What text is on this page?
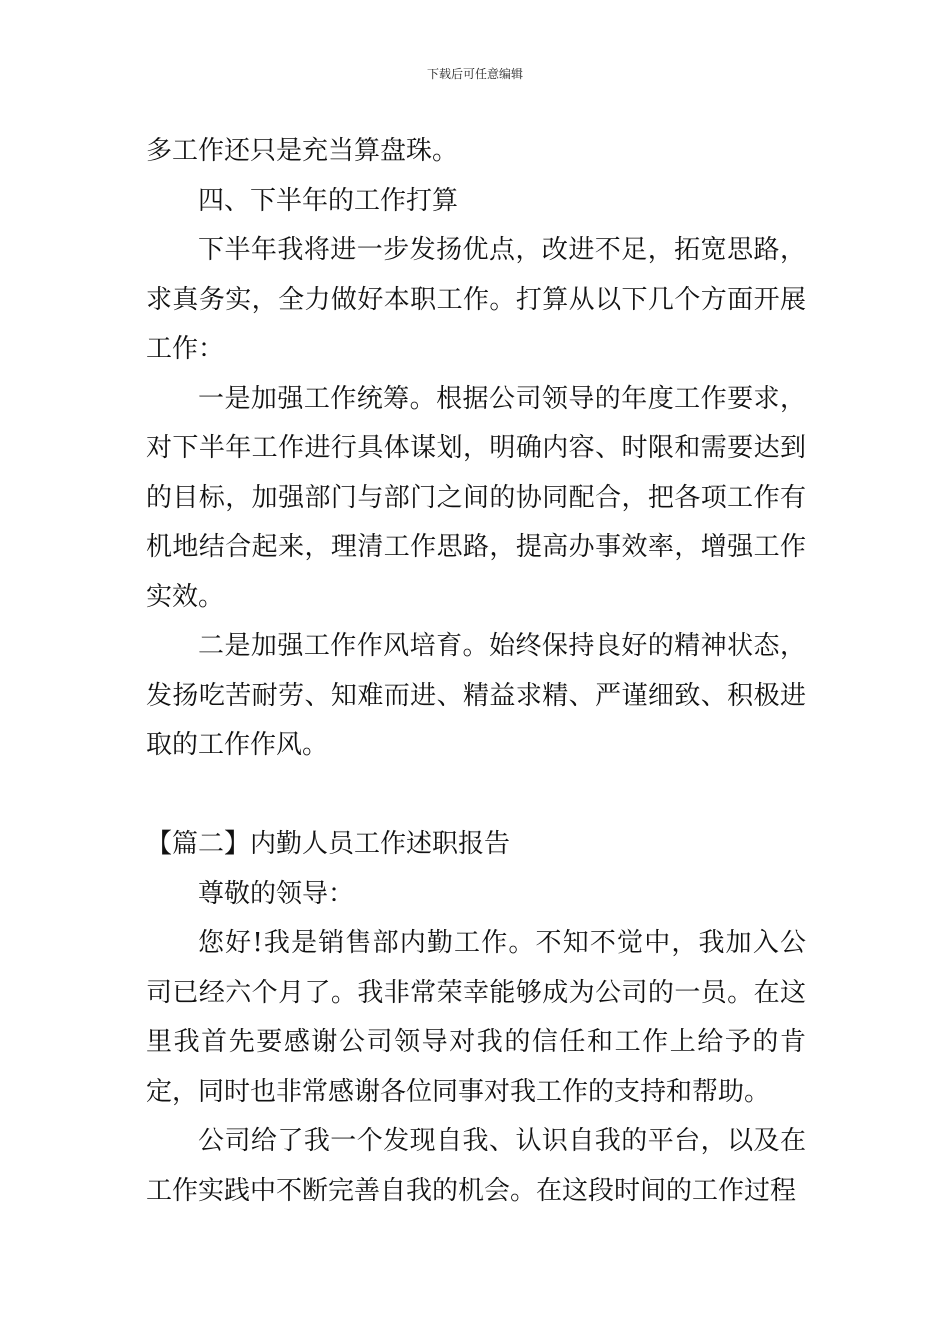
下载后可任意编辑

多工作还只是充当算盘珠。

四、下半年的工作打算

下半年我将进一步发扬优点，改进不足，拓宽思路，求真务实，全力做好本职工作。打算从以下几个方面开展工作：

一是加强工作统筹。根据公司领导的年度工作要求，对下半年工作进行具体谋划，明确内容、时限和需要达到的目标，加强部门与部门之间的协同配合，把各项工作有机地结合起来，理清工作思路，提高办事效率，增强工作实效。

二是加强工作作风培育。始终保持良好的精神状态，发扬吃苦耐劳、知难而进、精益求精、严谨细致、积极进取的工作作风。

【篇二】内勤人员工作述职报告

尊敬的领导：

您好!我是销售部内勤工作。不知不觉中，我加入公司已经六个月了。我非常荣幸能够成为公司的一员。在这里我首先要感谢公司领导对我的信任和工作上给予的肯定，同时也非常感谢各位同事对我工作的支持和帮助。

公司给了我一个发现自我、认识自我的平台，以及在工作实践中不断完善自我的机会。在这段时间的工作过程
